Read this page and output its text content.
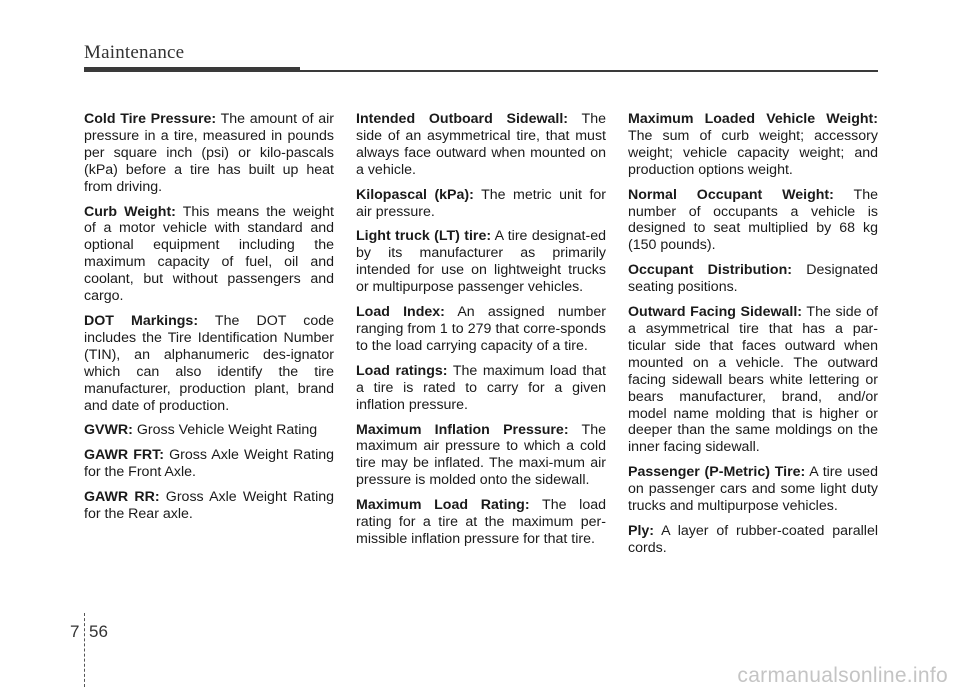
Maintenance

Cold Tire Pressure: The amount of air pressure in a tire, measured in pounds per square inch (psi) or kilo-pascals (kPa) before a tire has built up heat from driving.

Curb Weight: This means the weight of a motor vehicle with standard and optional equipment including the maximum capacity of fuel, oil and coolant, but without passengers and cargo.

DOT Markings: The DOT code includes the Tire Identification Number (TIN), an alphanumeric des-ignator which can also identify the tire manufacturer, production plant, brand and date of production.

GVWR: Gross Vehicle Weight Rating

GAWR FRT: Gross Axle Weight Rating for the Front Axle.

GAWR RR: Gross Axle Weight Rating for the Rear axle.

Intended Outboard Sidewall: The side of an asymmetrical tire, that must always face outward when mounted on a vehicle.

Kilopascal (kPa): The metric unit for air pressure.

Light truck (LT) tire: A tire designat-ed by its manufacturer as primarily intended for use on lightweight trucks or multipurpose passenger vehicles.

Load Index: An assigned number ranging from 1 to 279 that corre-sponds to the load carrying capacity of a tire.

Load ratings: The maximum load that a tire is rated to carry for a given inflation pressure.

Maximum Inflation Pressure: The maximum air pressure to which a cold tire may be inflated. The maxi-mum air pressure is molded onto the sidewall.

Maximum Load Rating: The load rating for a tire at the maximum per-missible inflation pressure for that tire.

Maximum Loaded Vehicle Weight: The sum of curb weight; accessory weight; vehicle capacity weight; and production options weight.

Normal Occupant Weight: The number of occupants a vehicle is designed to seat multiplied by 68 kg (150 pounds).

Occupant Distribution: Designated seating positions.

Outward Facing Sidewall: The side of a asymmetrical tire that has a par-ticular side that faces outward when mounted on a vehicle. The outward facing sidewall bears white lettering or bears manufacturer, brand, and/or model name molding that is higher or deeper than the same moldings on the inner facing sidewall.

Passenger (P-Metric) Tire: A tire used on passenger cars and some light duty trucks and multipurpose vehicles.

Ply: A layer of rubber-coated parallel cords.

7 56
carmanualsonline.info
